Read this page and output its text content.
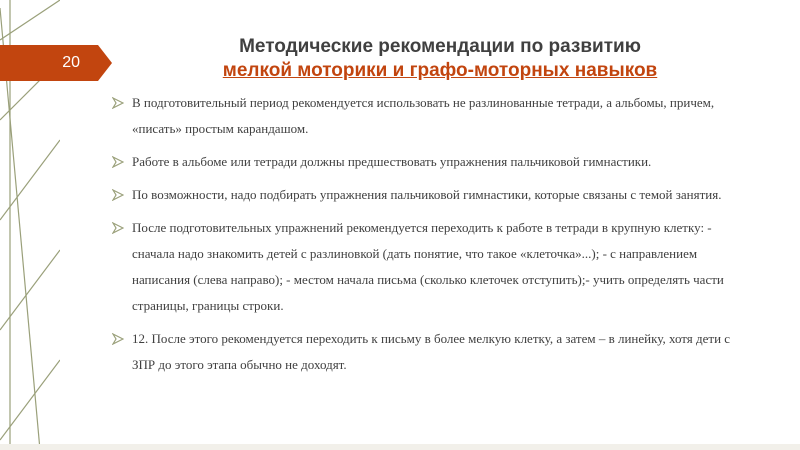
20
Методические рекомендации по развитию
мелкой моторики и графо-моторных навыков
В подготовительный период рекомендуется использовать не разлинованные тетради, а альбомы, причем, «писать» простым карандашом.
Работе в альбоме или тетради должны предшествовать упражнения пальчиковой гимнастики.
По возможности, надо подбирать упражнения пальчиковой гимнастики, которые связаны с темой занятия.
После подготовительных упражнений рекомендуется переходить к работе в тетради в крупную клетку: - сначала надо знакомить детей с разлиновкой (дать понятие, что такое «клеточка»...); - с направлением написания (слева направо); - местом начала письма (сколько клеточек отступить);- учить определять части страницы, границы строки.
12. После этого рекомендуется переходить к письму в более мелкую клетку, а затем – в линейку, хотя дети с ЗПР до этого этапа обычно не доходят.
